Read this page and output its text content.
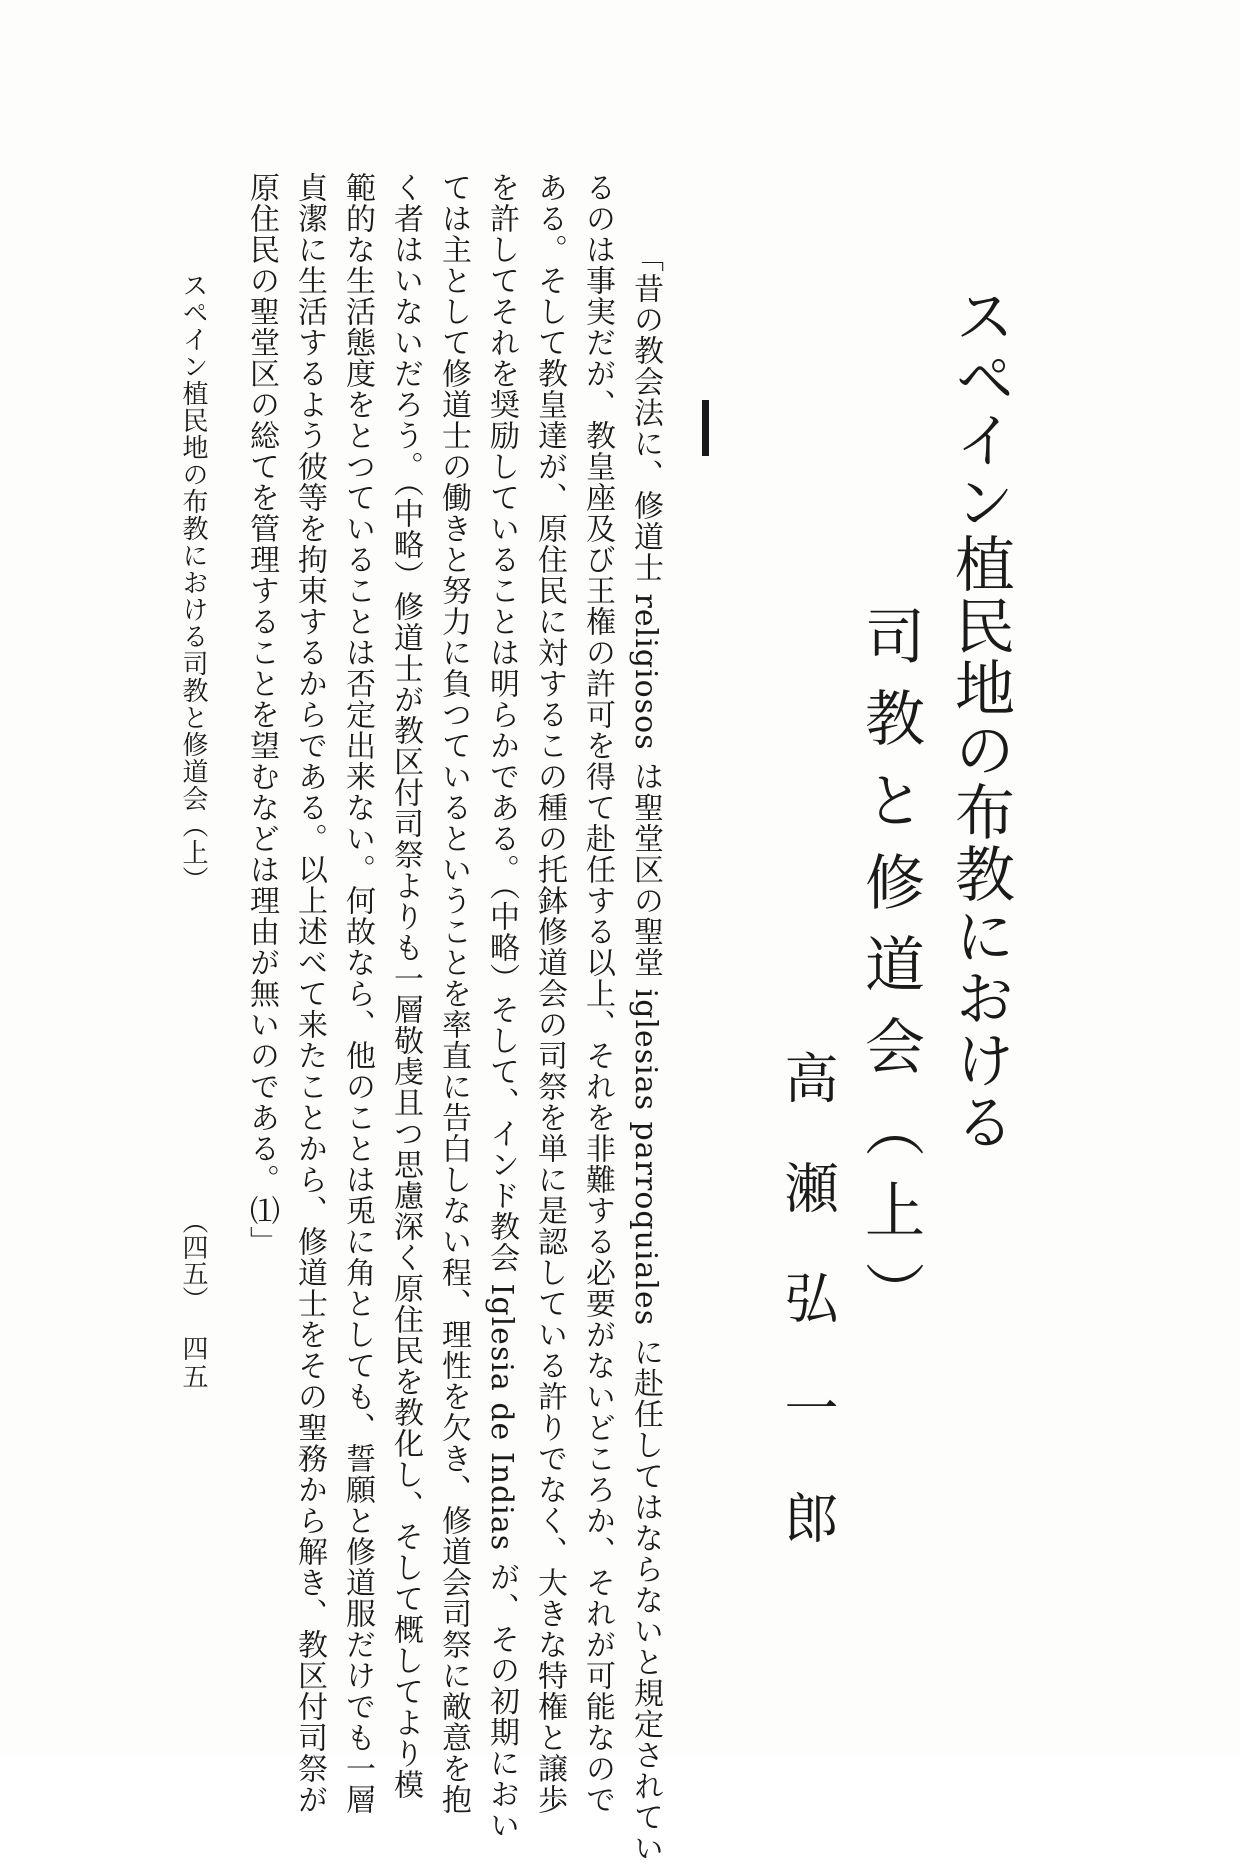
スペイン植民地の布教における
司教と修道会（上）
高瀬弘一郎
「昔の教会法に、修道士 religiosos は聖堂区の聖堂 iglesias parroquiales に赴任してはならないと規定されてい
るのは事実だが、教皇座及び王権の許可を得て赴任する以上、それを非難する必要がないどころか、それが可能なので
ある。そして教皇達が、原住民に対するこの種の托鉢修道会の司祭を単に是認している許りでなく、大きな特権と譲歩
を許してそれを奨励していることは明らかである。（中略）そして、インド教会 Iglesia de Indias が、その初期におい
ては主として修道士の働きと努力に負つているということを率直に告白しない程、理性を欠き、修道会司祭に敵意を抱
く者はいないだろう。（中略）修道士が教区付司祭よりも一層敬虔且つ思慮深く原住民を教化し、そして概してより模
範的な生活態度をとつていることは否定出来ない。何故なら、他のことは兎に角としても、誓願と修道服だけでも一層
貞潔に生活するよう彼等を拘束するからである。以上述べて来たことから、修道士をその聖務から解き、教区付司祭が
原住民の聖堂区の総てを管理することを望むなどは理由が無いのである。⑴」
スペイン植民地の布教における司教と修道会（上）
（四五）
四五
